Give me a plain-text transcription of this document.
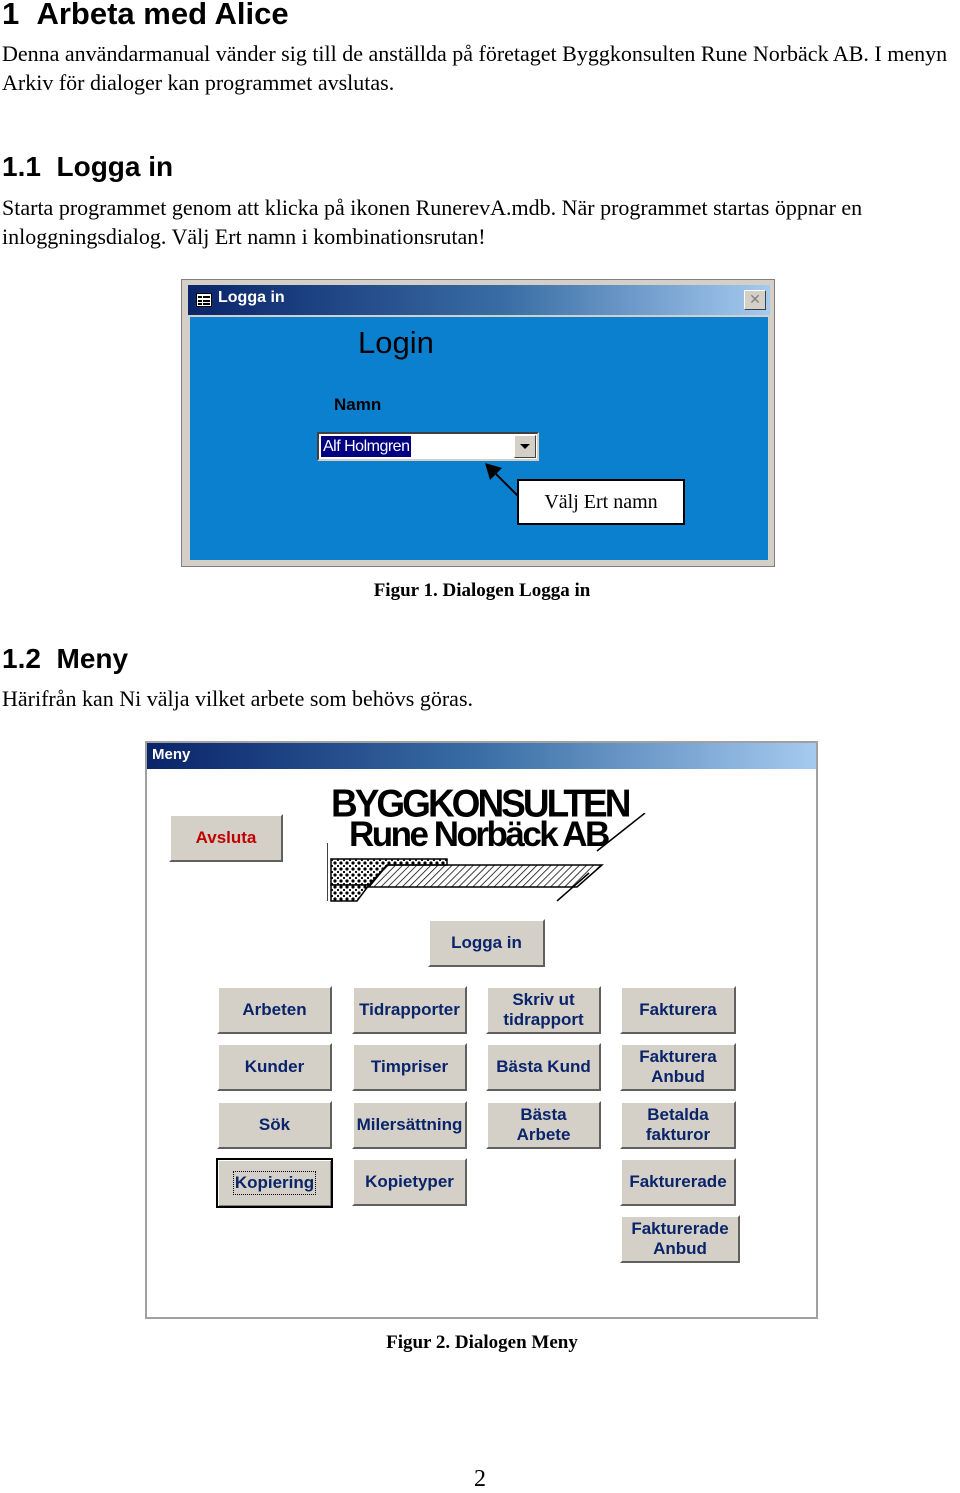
1 Arbeta med Alice
Denna användarmanual vänder sig till de anställda på företaget Byggkonsulten Rune Norbäck AB. I menyn Arkiv för dialoger kan programmet avslutas.
1.1 Logga in
Starta programmet genom att klicka på ikonen RunerevA.mdb. När programmet startas öppnar en inloggningsdialog. Välj Ert namn i kombinationsrutan!
Logga in	✕
Login
Namn
Alf Holmgren
Välj Ert namn
Figur 1. Dialogen Logga in
1.2 Meny
Härifrån kan Ni välja vilket arbete som behövs göras.
Meny
BYGGKONSULTEN
Rune Norbäck AB
Avsluta
Logga in
Arbeten	Tidrapporter
Skriv ut
tidrapport
Fakturera
Kunder	Timpriser	Bästa Kund
Fakturera
Anbud
Sök	Milersättning
Bästa
Arbete
Betalda
fakturor
Kopiering	Kopietyper	Fakturerade
Fakturerade
Anbud
Figur 2. Dialogen Meny
2
